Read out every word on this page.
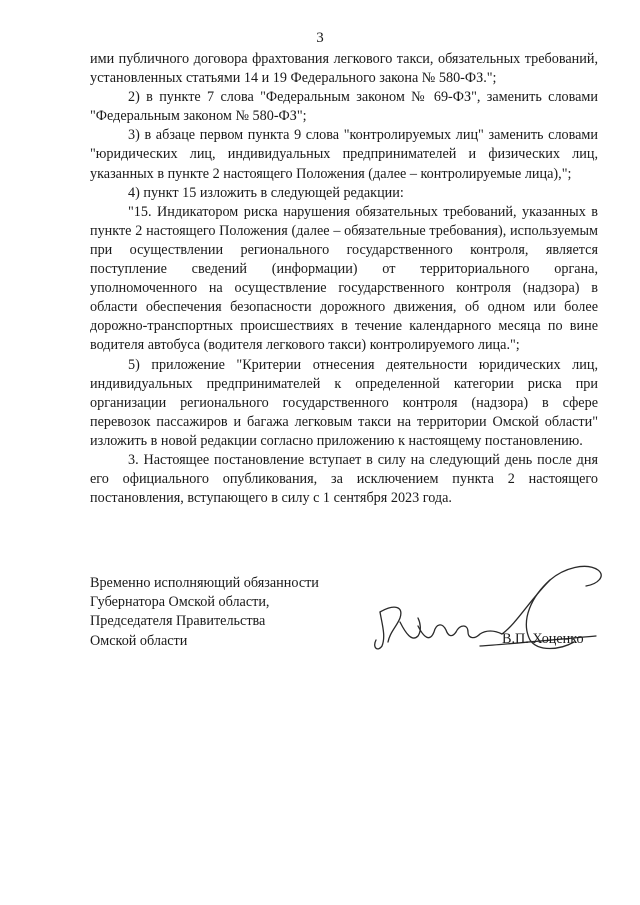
3

ими публичного договора фрахтования легкового такси, обязательных требований, установленных статьями 14 и 19 Федерального закона № 580-ФЗ.";

2) в пункте 7 слова "Федеральным законом № 69-ФЗ", заменить словами "Федеральным законом № 580-ФЗ";

3) в абзаце первом пункта 9 слова "контролируемых лиц" заменить словами "юридических лиц, индивидуальных предпринимателей и физических лиц, указанных в пункте 2 настоящего Положения (далее – контролируемые лица),";

4) пункт 15 изложить в следующей редакции:

"15. Индикатором риска нарушения обязательных требований, указанных в пункте 2 настоящего Положения (далее – обязательные требования), используемым при осуществлении регионального государственного контроля, является поступление сведений (информации) от территориального органа, уполномоченного на осуществление государственного контроля (надзора) в области обеспечения безопасности дорожного движения, об одном или более дорожно-транспортных происшествиях в течение календарного месяца по вине водителя автобуса (водителя легкового такси) контролируемого лица.";

5) приложение "Критерии отнесения деятельности юридических лиц, индивидуальных предпринимателей к определенной категории риска при организации регионального государственного контроля (надзора) в сфере перевозок пассажиров и багажа легковым такси на территории Омской области" изложить в новой редакции согласно приложению к настоящему постановлению.

3. Настоящее постановление вступает в силу на следующий день после дня его официального опубликования, за исключением пункта 2 настоящего постановления, вступающего в силу с 1 сентября 2023 года.

Временно исполняющий обязанности
Губернатора Омской области,
Председателя Правительства
Омской области	В.П. Хоценко
